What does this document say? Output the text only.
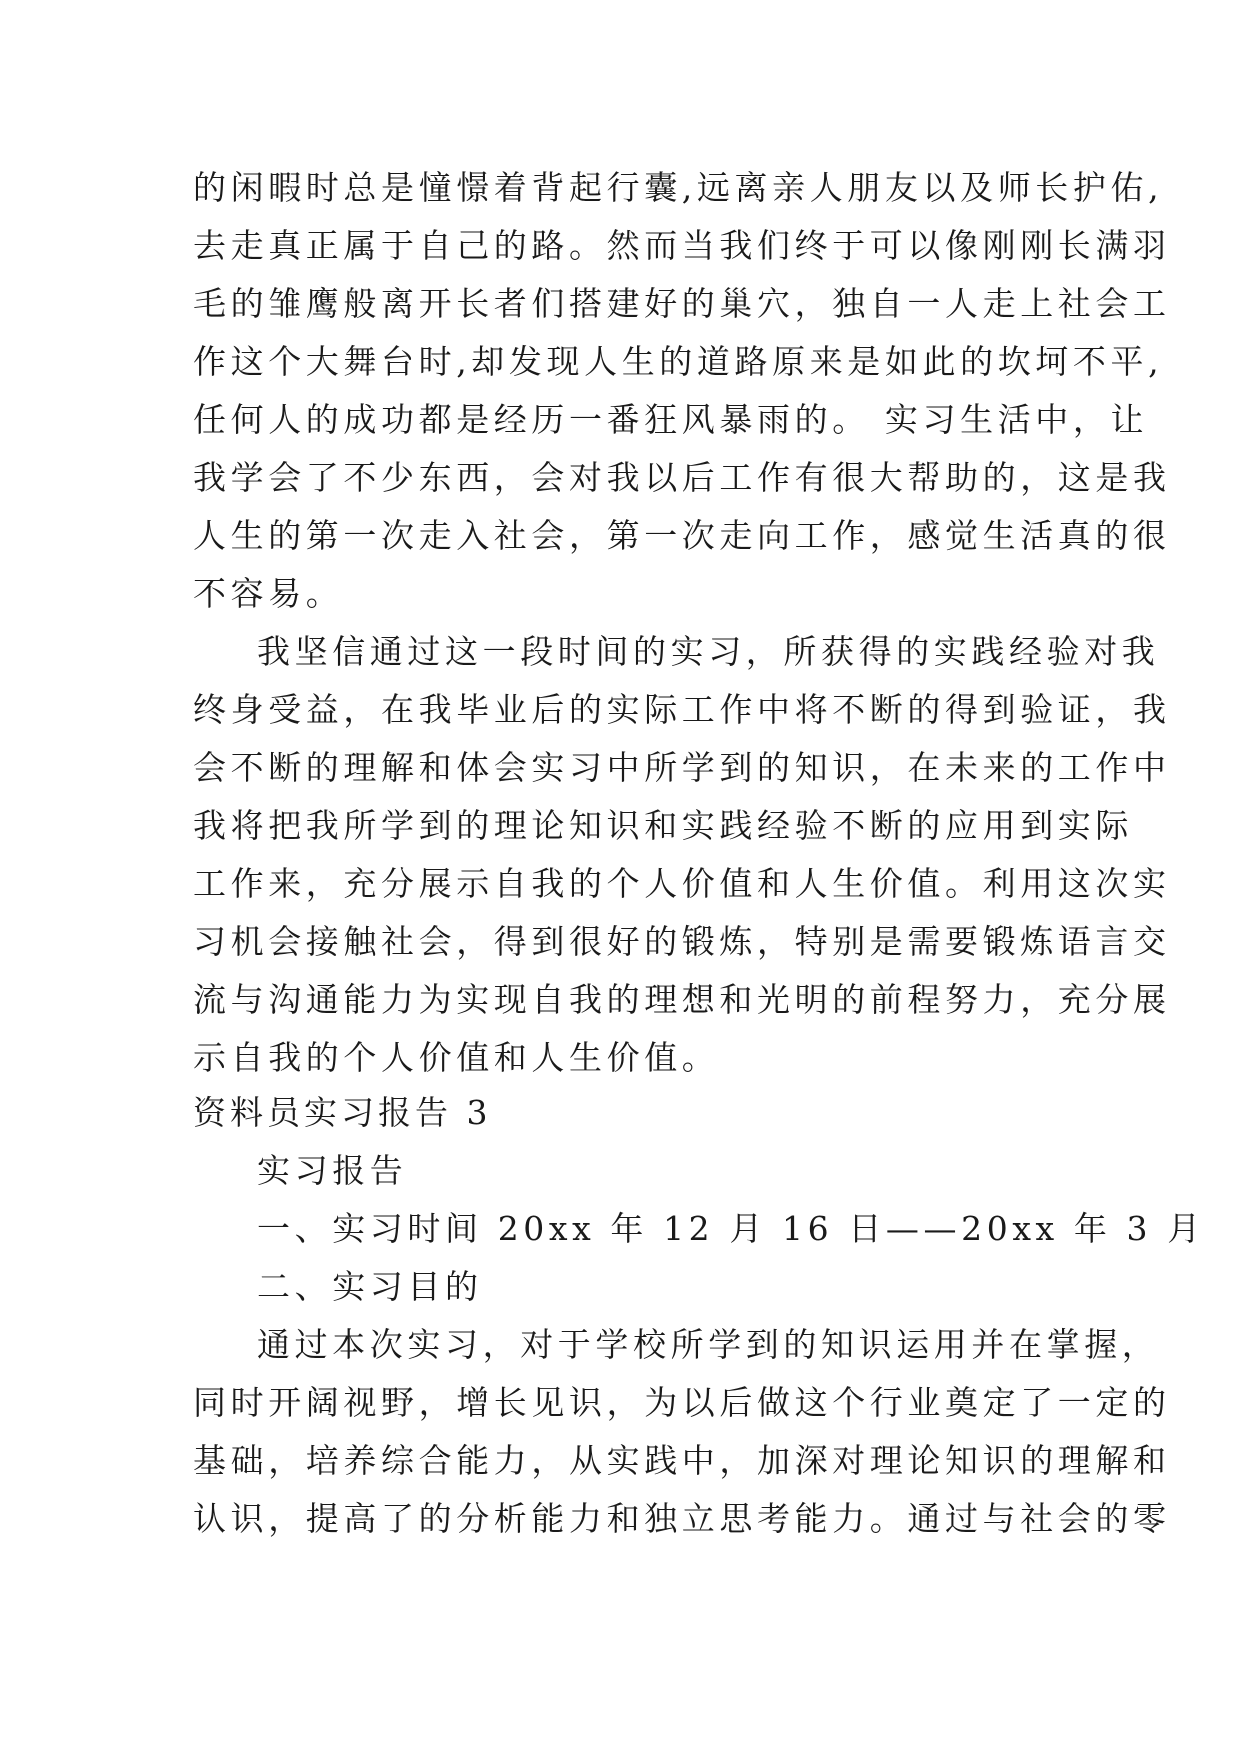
的闲暇时总是憧憬着背起行囊,远离亲人朋友以及师长护佑,
去走真正属于自己的路。然而当我们终于可以像刚刚长满羽
毛的雏鹰般离开长者们搭建好的巢穴，独自一人走上社会工
作这个大舞台时,却发现人生的道路原来是如此的坎坷不平,
任何人的成功都是经历一番狂风暴雨的。 实习生活中，让
我学会了不少东西，会对我以后工作有很大帮助的，这是我
人生的第一次走入社会，第一次走向工作，感觉生活真的很
不容易。
我坚信通过这一段时间的实习，所获得的实践经验对我
终身受益，在我毕业后的实际工作中将不断的得到验证，我
会不断的理解和体会实习中所学到的知识，在未来的工作中
我将把我所学到的理论知识和实践经验不断的应用到实际
工作来，充分展示自我的个人价值和人生价值。利用这次实
习机会接触社会，得到很好的锻炼，特别是需要锻炼语言交
流与沟通能力为实现自我的理想和光明的前程努力，充分展
示自我的个人价值和人生价值。
资料员实习报告 3
实习报告
一、实习时间 20xx 年 12 月 16 日——20xx 年 3 月
二、实习目的
通过本次实习，对于学校所学到的知识运用并在掌握，
同时开阔视野，增长见识，为以后做这个行业奠定了一定的
基础，培养综合能力，从实践中，加深对理论知识的理解和
认识，提高了的分析能力和独立思考能力。通过与社会的零
